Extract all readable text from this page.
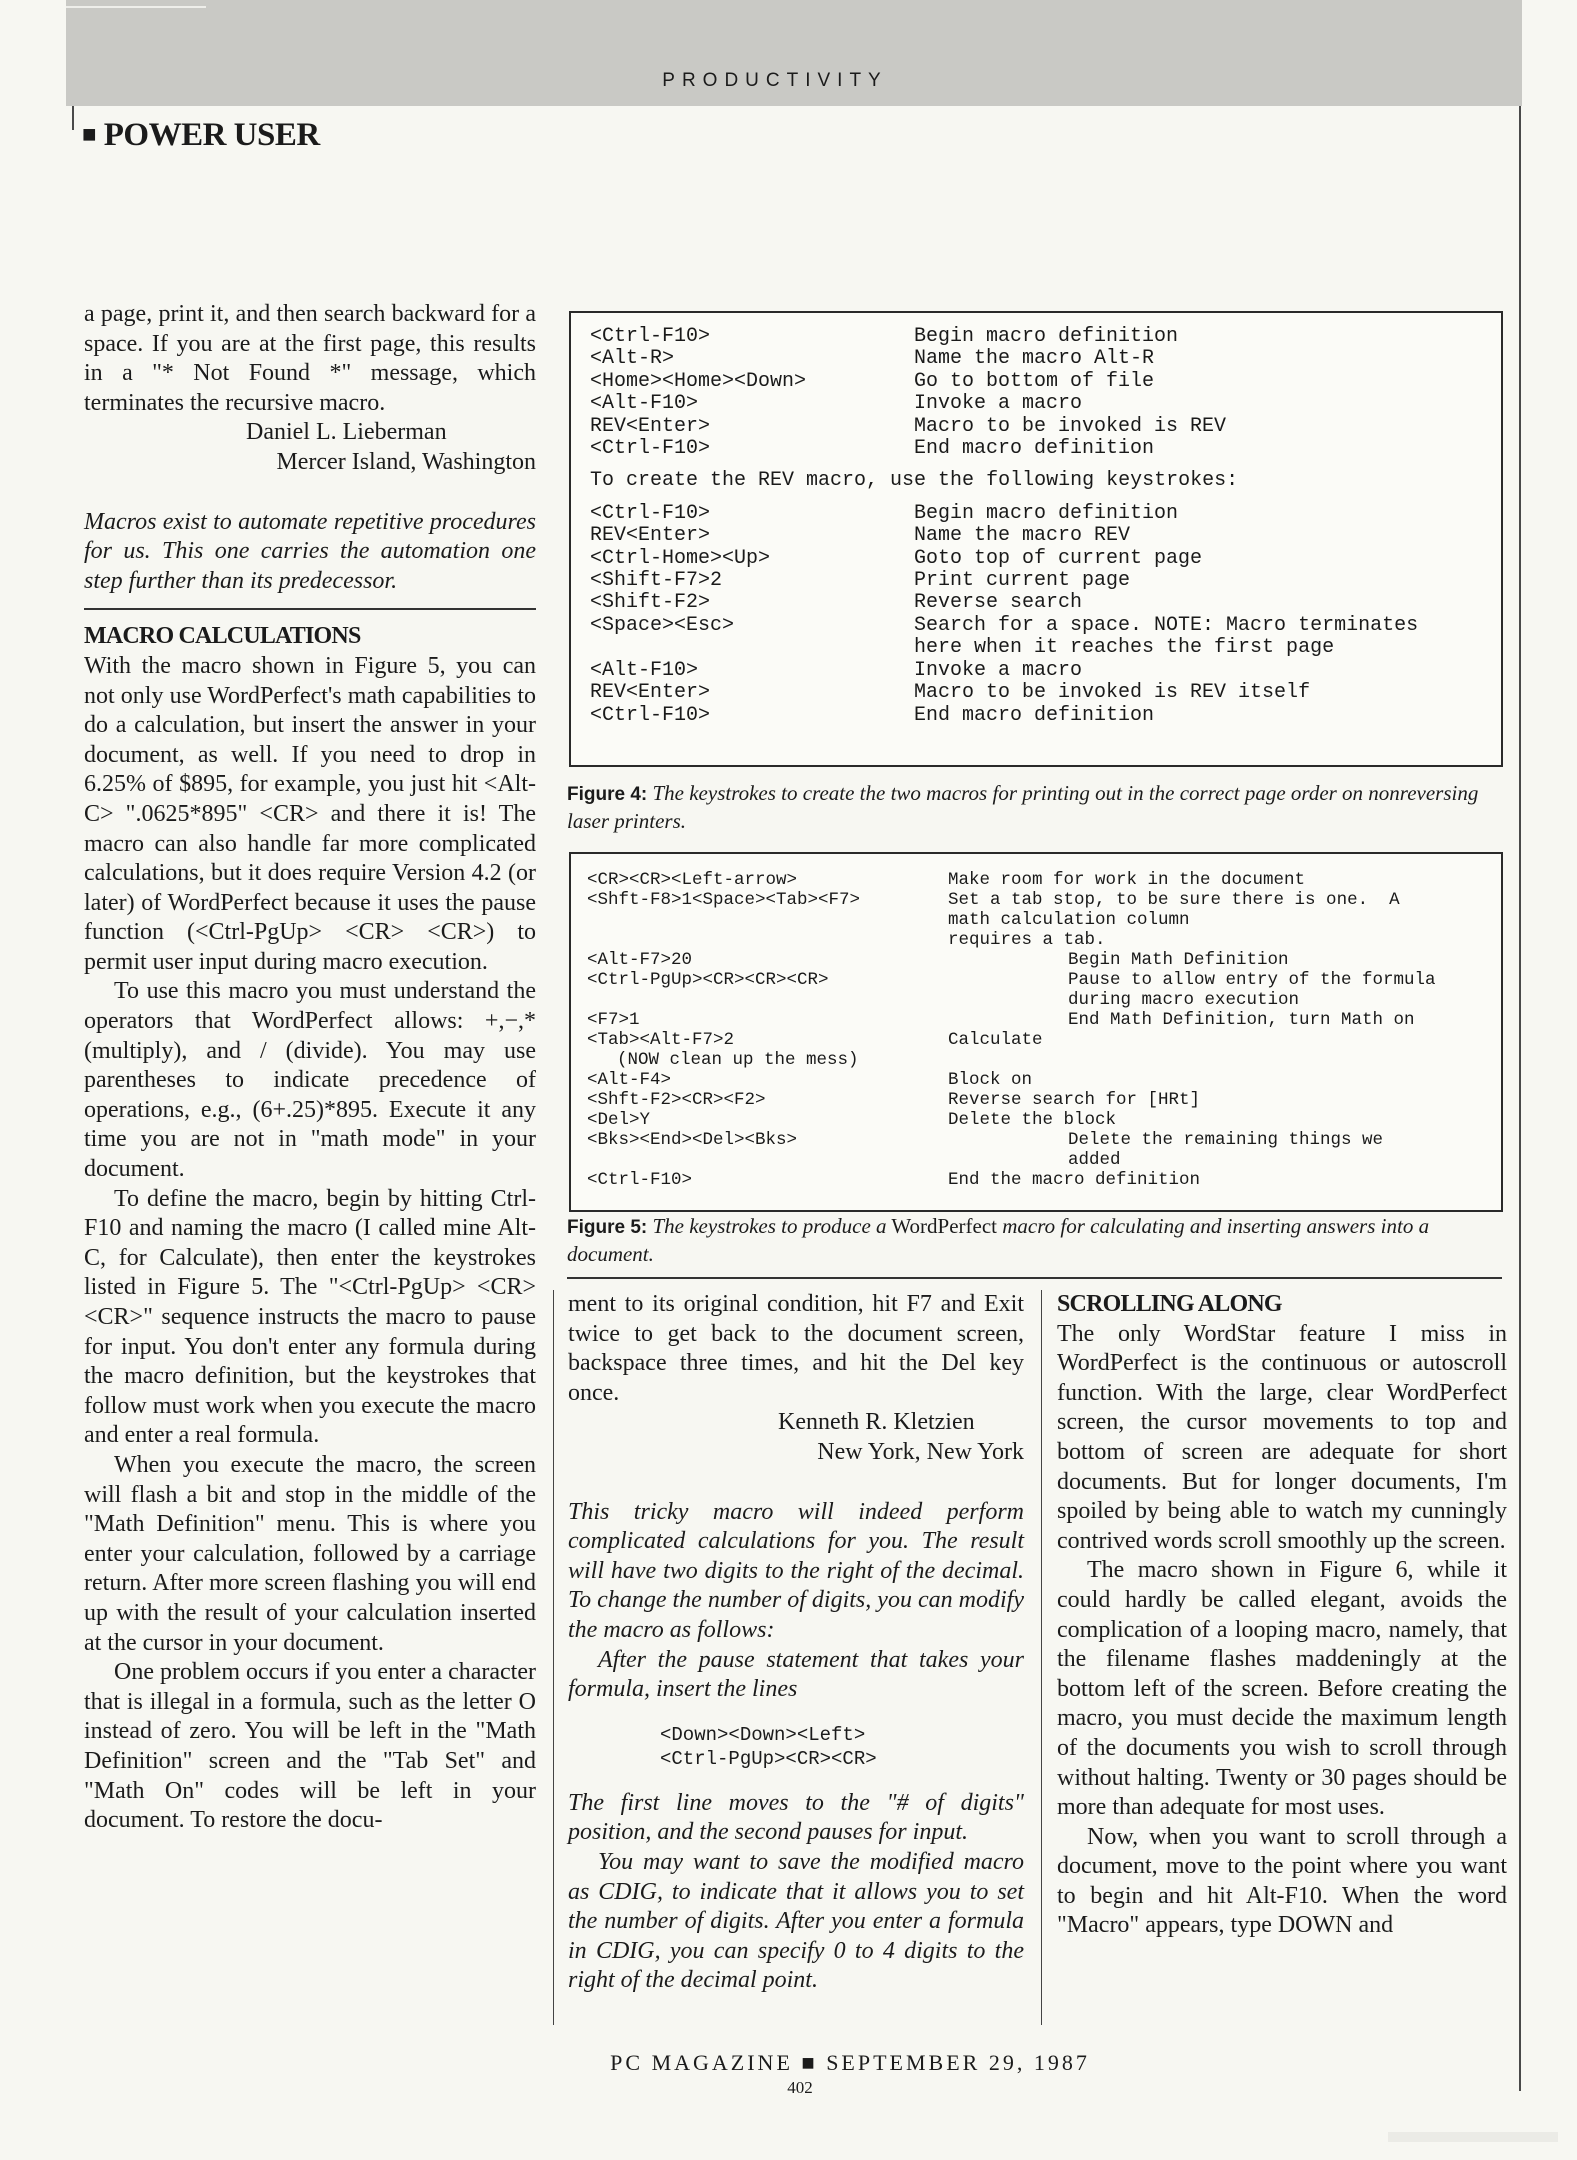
PRODUCTIVITY
■ POWER USER

a page, print it, and then search backward for a space. If you are at the first page, this results in a "* Not Found *" message, which terminates the recursive macro.

Daniel L. Lieberman

Mercer Island, Washington

Macros exist to automate repetitive procedures for us. This one carries the automation one step further than its predecessor.

MACRO CALCULATIONS

With the macro shown in Figure 5, you can not only use WordPerfect's math capabilities to do a calculation, but insert the answer in your document, as well. If you need to drop in 6.25% of $895, for example, you just hit <Alt-C> ".0625*895" <CR> and there it is! The macro can also handle far more complicated calculations, but it does require Version 4.2 (or later) of WordPerfect because it uses the pause function (<Ctrl-PgUp> <CR> <CR>) to permit user input during macro execution.

To use this macro you must understand the operators that WordPerfect allows: +,−,* (multiply), and / (divide). You may use parentheses to indicate precedence of operations, e.g., (6+.25)*895. Execute it any time you are not in "math mode" in your document.

To define the macro, begin by hitting Ctrl-F10 and naming the macro (I called mine Alt-C, for Calculate), then enter the keystrokes listed in Figure 5. The "<Ctrl-PgUp> <CR> <CR>" sequence instructs the macro to pause for input. You don't enter any formula during the macro definition, but the keystrokes that follow must work when you execute the macro and enter a real formula.

When you execute the macro, the screen will flash a bit and stop in the middle of the "Math Definition" menu. This is where you enter your calculation, followed by a carriage return. After more screen flashing you will end up with the result of your calculation inserted at the cursor in your document.

One problem occurs if you enter a character that is illegal in a formula, such as the letter O instead of zero. You will be left in the "Math Definition" screen and the "Tab Set" and "Math On" codes will be left in your document. To restore the docu-

<Ctrl-F10>	Begin macro definition
<Alt-R>	Name the macro Alt-R
<Home><Home><Down>	Go to bottom of file
<Alt-F10>	Invoke a macro
REV<Enter>	Macro to be invoked is REV
<Ctrl-F10>	End macro definition
To create the REV macro, use the following keystrokes:
<Ctrl-F10>	Begin macro definition
REV<Enter>	Name the macro REV
<Ctrl-Home><Up>	Goto top of current page
<Shift-F7>2	Print current page
<Shift-F2>	Reverse search
<Space><Esc>	Search for a space. NOTE: Macro terminates
here when it reaches the first page
<Alt-F10>	Invoke a macro
REV<Enter>	Macro to be invoked is REV itself
<Ctrl-F10>	End macro definition
Figure 4: The keystrokes to create the two macros for printing out in the correct page order on nonreversing laser printers.
<CR><CR><Left-arrow>	Make room for work in the document
<Shft-F8>1<Space><Tab><F7>	Set a tab stop, to be sure there is one.  A
math calculation column
requires a tab.
<Alt-F7>20	Begin Math Definition
<Ctrl-PgUp><CR><CR><CR>	Pause to allow entry of the formula
during macro execution
<F7>1	End Math Definition, turn Math on
<Tab><Alt-F7>2	Calculate
(NOW clean up the mess)
<Alt-F4>	Block on
<Shft-F2><CR><F2>	Reverse search for [HRt]
<Del>Y	Delete the block
<Bks><End><Del><Bks>	Delete the remaining things we
added
<Ctrl-F10>	End the macro definition
Figure 5: The keystrokes to produce a WordPerfect macro for calculating and inserting answers into a document.

ment to its original condition, hit F7 and Exit twice to get back to the document screen, backspace three times, and hit the Del key once.

Kenneth R. Kletzien

New York, New York

This tricky macro will indeed perform complicated calculations for you. The result will have two digits to the right of the decimal. To change the number of digits, you can modify the macro as follows:

After the pause statement that takes your formula, insert the lines

<Down><Down><Left>
<Ctrl-PgUp><CR><CR>

The first line moves to the "# of digits" position, and the second pauses for input.

You may want to save the modified macro as CDIG, to indicate that it allows you to set the number of digits. After you enter a formula in CDIG, you can specify 0 to 4 digits to the right of the decimal point.

SCROLLING ALONG

The only WordStar feature I miss in WordPerfect is the continuous or autoscroll function. With the large, clear WordPerfect screen, the cursor movements to top and bottom of screen are adequate for short documents. But for longer documents, I'm spoiled by being able to watch my cunningly contrived words scroll smoothly up the screen.

The macro shown in Figure 6, while it could hardly be called elegant, avoids the complication of a looping macro, namely, that the filename flashes maddeningly at the bottom left of the screen. Before creating the macro, you must decide the maximum length of the documents you wish to scroll through without halting. Twenty or 30 pages should be more than adequate for most uses.

Now, when you want to scroll through a document, move to the point where you want to begin and hit Alt-F10. When the word "Macro" appears, type DOWN and

PC MAGAZINE ■ SEPTEMBER 29, 1987
402
